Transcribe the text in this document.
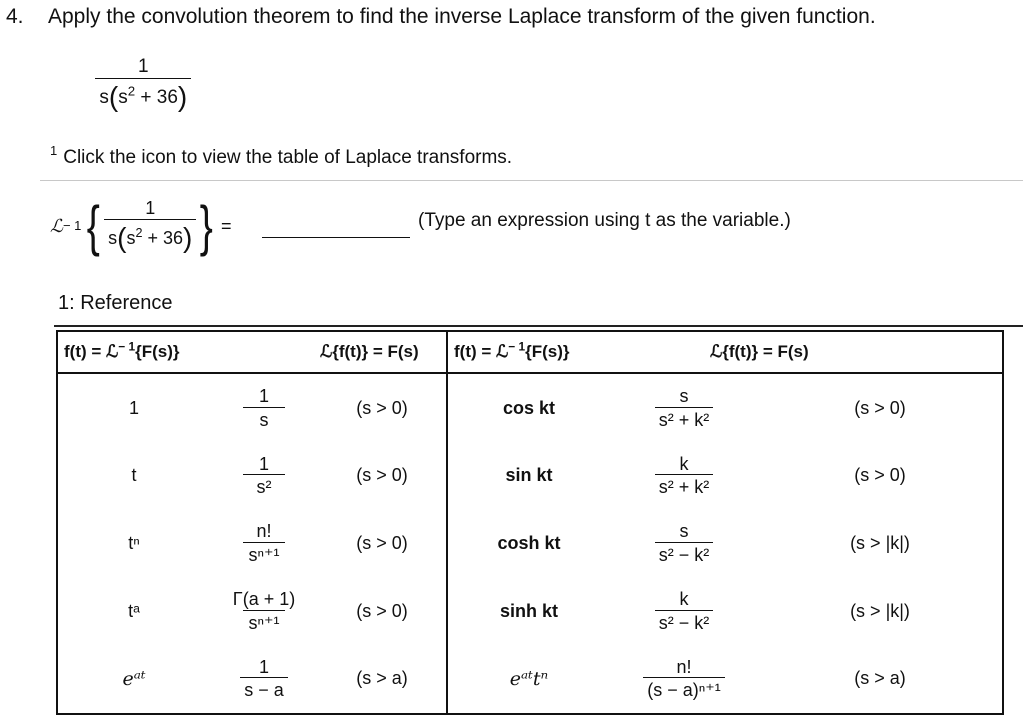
4. Apply the convolution theorem to find the inverse Laplace transform of the given function.
$\frac{1}{s(s^2 + 36)}$
$^1$ Click the icon to view the table of Laplace transforms.
ℒ − 1 { $\frac{1}{s(s^2 + 36)}$ } =	(Type an expression using t as the variable.)
1: Reference
f(t) = ℒ$^{- 1}${F(s)}	ℒ{f(t)} = F(s)		f(t) = ℒ$^{- 1}${F(s)}	ℒ{f(t)} = F(s)	
1	$\frac{1}{s}$	(s > 0)	cos kt	$\frac{s}{\text{s² + k²}}$	(s > 0)
t	$\frac{1}{\text{s²}}$	(s > 0)	sin kt	$\frac{k}{\text{s² + k²}}$	(s > 0)
tⁿ	$\frac{n!}{\text{sⁿ⁺¹}}$	(s > 0)	cosh kt	$\frac{s}{\text{s² − k²}}$	(s > |k|)
tᵃ	$\frac{\Gamma(a + 1)}{\text{sⁿ⁺¹}}$	(s > 0)	sinh kt	$\frac{k}{\text{s² − k²}}$	(s > |k|)
eᵃᵗ	$\frac{1}{s - a}$	(s > a)	eᵃᵗtⁿ	$\frac{n!}{\text{(s − a)ⁿ⁺¹}}$	(s > a)
